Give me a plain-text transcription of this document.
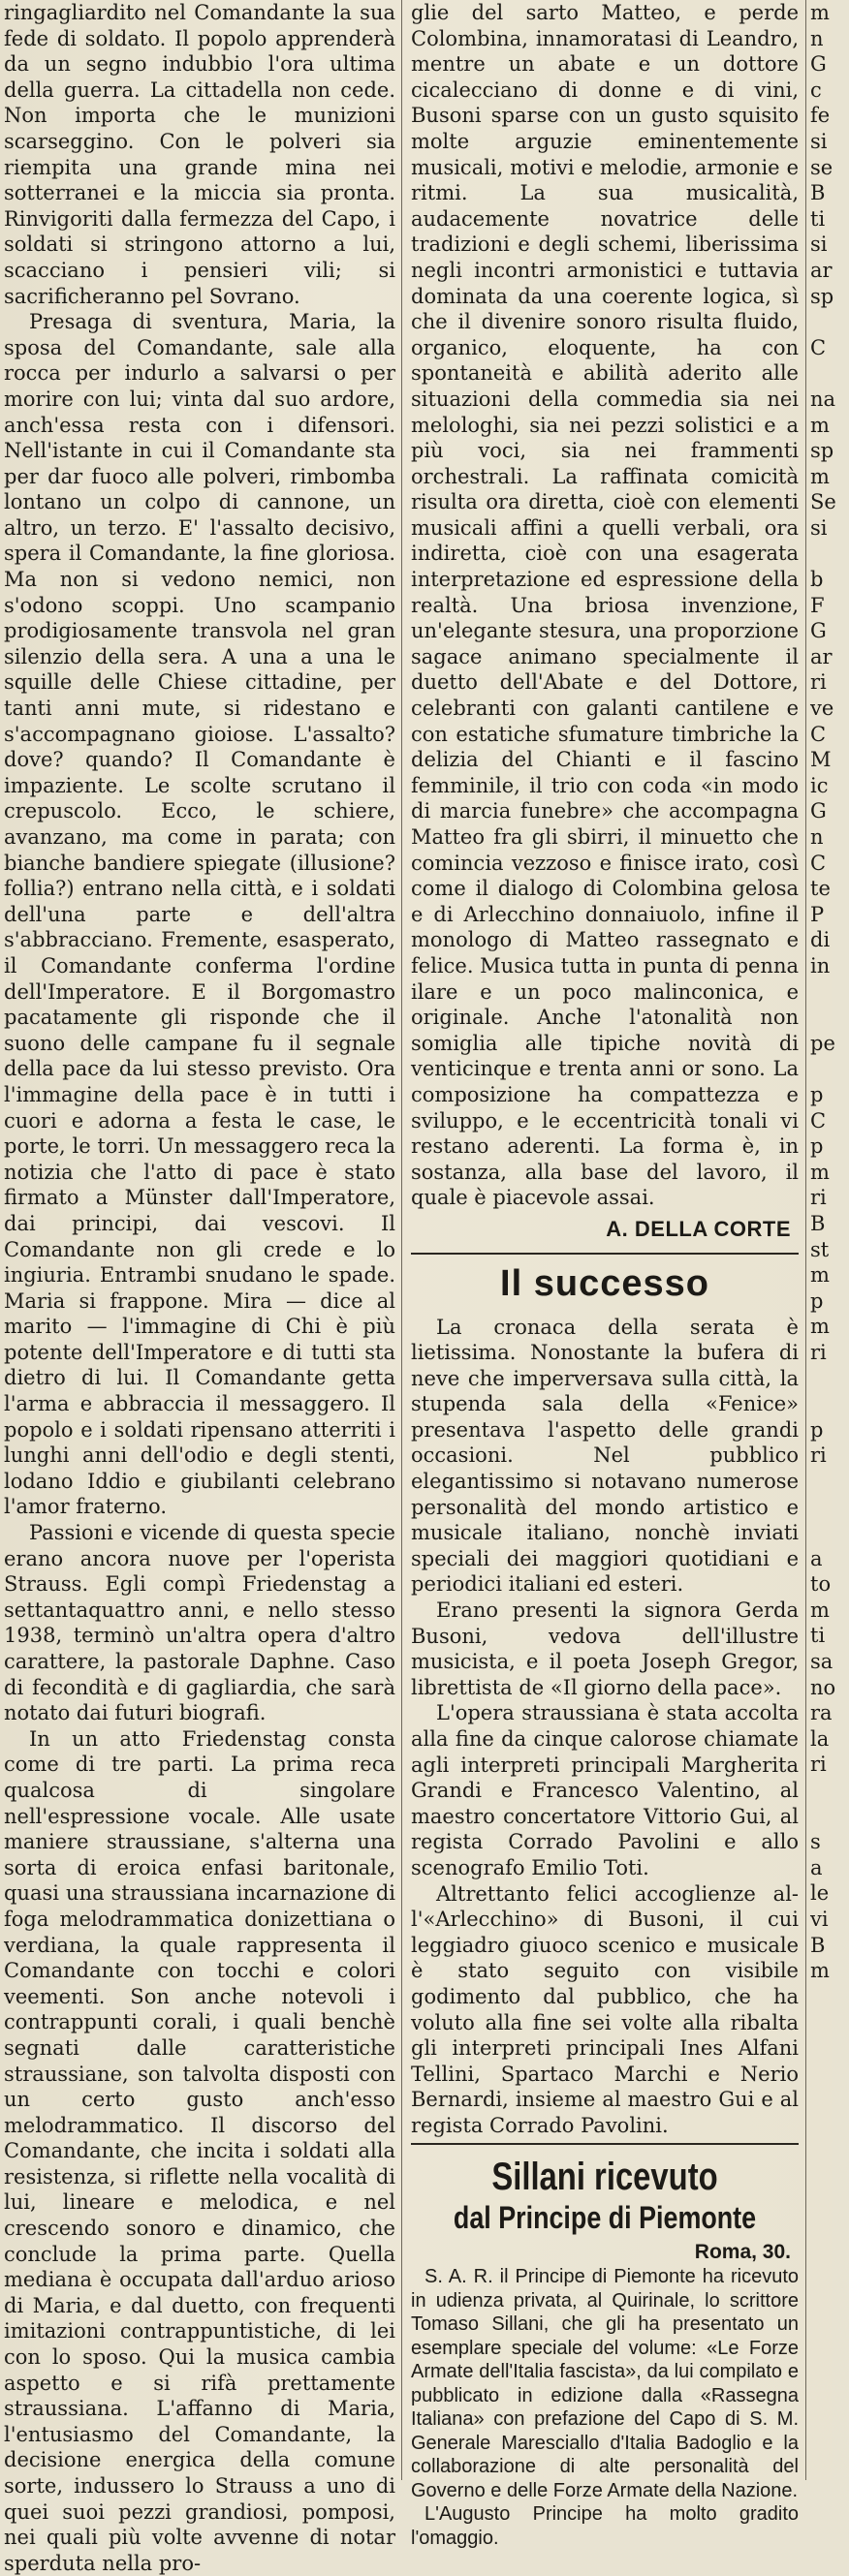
ringagliardito nel Comandante la sua fede di soldato. Il popolo apprenderà da un segno indubbio l'ora ultima della guerra. La cittadella non cede. Non importa che le munizioni scarseggino. Con le polveri sia riempita una grande mina nei sotterranei e la miccia sia pronta. Rinvigoriti dalla fermezza del Capo, i soldati si stringono attorno a lui, scacciano i pensieri vili; si sacrificheranno pel Sovrano.

Presaga di sventura, Maria, la sposa del Comandante, sale alla rocca per indurlo a salvarsi o per morire con lui; vinta dal suo ardore, anch'essa resta con i difensori. Nell'istante in cui il Comandante sta per dar fuoco alle polveri, rimbomba lontano un colpo di cannone, un altro, un terzo. E' l'assalto decisivo, spera il Comandante, la fine gloriosa. Ma non si vedono nemici, non s'odono scoppi. Uno scampanio prodigiosamente transvola nel gran silenzio della sera. A una a una le squille delle Chiese cittadine, per tanti anni mute, si ridestano e s'accompagnano gioiose. L'assalto? dove? quando? Il Comandante è impaziente. Le scolte scrutano il crepuscolo. Ecco, le schiere, avanzano, ma come in parata; con bianche bandiere spiegate (illusione? follia?) entrano nella città, e i soldati dell'una parte e dell'altra s'abbracciano. Fremente, esasperato, il Comandante conferma l'ordine dell'Imperatore. E il Borgomastro pacatamente gli risponde che il suono delle campane fu il segnale della pace da lui stesso previsto. Ora l'immagine della pace è in tutti i cuori e adorna a festa le case, le porte, le torri. Un messaggero reca la notizia che l'atto di pace è stato firmato a Münster dall'Imperatore, dai principi, dai vescovi. Il Comandante non gli crede e lo ingiuria. Entrambi snudano le spade. Maria si frappone. Mira — dice al marito — l'immagine di Chi è più potente dell'Imperatore e di tutti sta dietro di lui. Il Comandante getta l'arma e abbraccia il messaggero. Il popolo e i soldati ripensano atterriti i lunghi anni dell'odio e degli stenti, lodano Iddio e giubilanti celebrano l'amor fraterno.

Passioni e vicende di questa specie erano ancora nuove per l'operista Strauss. Egli compì Friedenstag a settantaquattro anni, e nello stesso 1938, terminò un'altra opera d'altro carattere, la pastorale Daphne. Caso di fecondità e di gagliardia, che sarà notato dai futuri biografi.

In un atto Friedenstag consta come di tre parti. La prima reca qualcosa di singolare nell'espressione vocale. Alle usate maniere straussiane, s'alterna una sorta di eroica enfasi baritonale, quasi una straussiana incarnazione di foga melodrammatica donizettiana o verdiana, la quale rappresenta il Comandante con tocchi e colori veementi. Son anche notevoli i contrappunti corali, i quali benchè segnati dalle caratteristiche straussiane, son talvolta disposti con un certo gusto anch'esso melodrammatico. Il discorso del Comandante, che incita i soldati alla resistenza, si riflette nella vocalità di lui, lineare e melodica, e nel crescendo sonoro e dinamico, che conclude la prima parte. Quella mediana è occupata dall'arduo arioso di Maria, e dal duetto, con frequenti imitazioni contrappuntistiche, di lei con lo sposo. Qui la musica cambia aspetto e si rifà prettamente straussiana. L'affanno di Maria, l'entusiasmo del Comandante, la decisione energica della comune sorte, indussero lo Strauss a uno di quei suoi pezzi grandiosi, pomposi, nei quali più volte avvenne di notar sperduta nella pro-

glie del sarto Matteo, e perde Colombina, innamoratasi di Leandro, mentre un abate e un dottore cicalecciano di donne e di vini, Busoni sparse con un gusto squisito molte arguzie eminentemente musicali, motivi e melodie, armonie e ritmi. La sua musicalità, audacemente novatrice delle tradizioni e degli schemi, liberissima negli incontri armonistici e tuttavia dominata da una coerente logica, sì che il divenire sonoro risulta fluido, organico, eloquente, ha con spontaneità e abilità aderito alle situazioni della commedia sia nei melologhi, sia nei pezzi solistici e a più voci, sia nei frammenti orchestrali. La raffinata comicità risulta ora diretta, cioè con elementi musicali affini a quelli verbali, ora indiretta, cioè con una esagerata interpretazione ed espressione della realtà. Una briosa invenzione, un'elegante stesura, una proporzione sagace animano specialmente il duetto dell'Abate e del Dottore, celebranti con galanti cantilene e con estatiche sfumature timbriche la delizia del Chianti e il fascino femminile, il trio con coda «in modo di marcia funebre» che accompagna Matteo fra gli sbirri, il minuetto che comincia vezzoso e finisce irato, così come il dialogo di Colombina gelosa e di Arlecchino donnaiuolo, infine il monologo di Matteo rassegnato e felice. Musica tutta in punta di penna ilare e un poco malinconica, e originale. Anche l'atonalità non somiglia alle tipiche novità di venticinque e trenta anni or sono. La composizione ha compattezza e sviluppo, e le eccentricità tonali vi restano aderenti. La forma è, in sostanza, alla base del lavoro, il quale è piacevole assai.

A. DELLA CORTE
Il successo

La cronaca della serata è lietissima. Nonostante la bufera di neve che imperversava sulla città, la stupenda sala della «Fenice» presentava l'aspetto delle grandi occasioni. Nel pubblico elegantissimo si notavano numerose personalità del mondo artistico e musicale italiano, nonchè inviati speciali dei maggiori quotidiani e periodici italiani ed esteri.

Erano presenti la signora Gerda Busoni, vedova dell'illustre musicista, e il poeta Joseph Gregor, librettista de «Il giorno della pace».

L'opera straussiana è stata accolta alla fine da cinque calorose chiamate agli interpreti principali Margherita Grandi e Francesco Valentino, al maestro concertatore Vittorio Gui, al regista Corrado Pavolini e allo scenografo Emilio Toti.

Altrettanto felici accoglienze al-l'«Arlecchino» di Busoni, il cui leggiadro giuoco scenico e musicale è stato seguito con visibile godimento dal pubblico, che ha voluto alla fine sei volte alla ribalta gli interpreti principali Ines Alfani Tellini, Spartaco Marchi e Nerio Bernardi, insieme al maestro Gui e al regista Corrado Pavolini.

Sillani ricevuto
dal Principe di Piemonte
Roma, 30.

S. A. R. il Principe di Piemonte ha ricevuto in udienza privata, al Quirinale, lo scrittore Tomaso Sillani, che gli ha presentato un esemplare speciale del volume: «Le Forze Armate dell'Italia fascista», da lui compilato e pubblicato in edizione dalla «Rassegna Italiana» con prefazione del Capo di S. M. Generale Maresciallo d'Italia Badoglio e la collaborazione di alte personalità del Governo e delle Forze Armate della Nazione.

L'Augusto Principe ha molto gradito l'omaggio.

m
n
G
c
fe
si
se
B
ti
si
ar
sp

C

na
m
sp
m
Se
si

b
F
G
ar
ri
ve
C
M
ic
G
n
C
te
P
di
in

pe

p
C
p
m
ri
B
st
m
p
m
ri

p
ri

a
to
m
ti
sa
no
ra
la
ri

s
a
le
vi
B
m
